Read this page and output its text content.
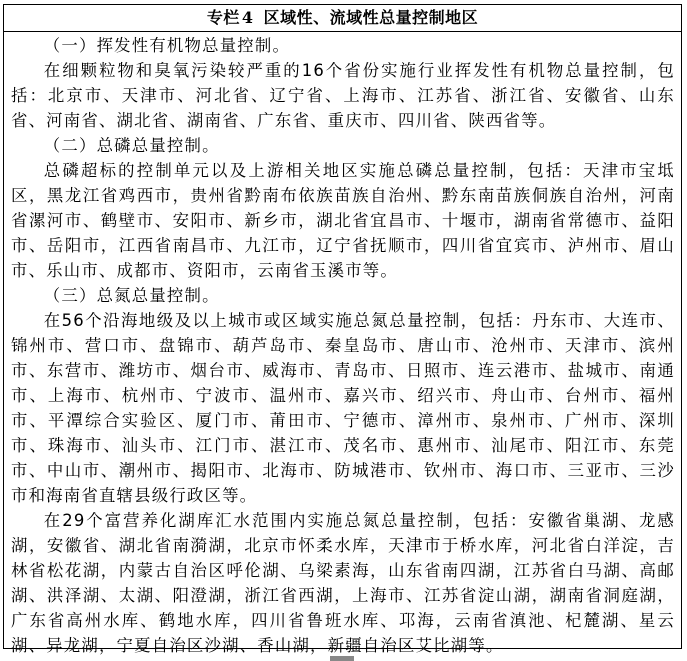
专栏 4 区域性、流域性总量控制地区

（一）挥发性有机物总量控制。

在细颗粒物和臭氧污染较严重的16个省份实施行业挥发性有机物总量控制，包括：北京市、天津市、河北省、辽宁省、上海市、江苏省、浙江省、安徽省、山东省、河南省、湖北省、湖南省、广东省、重庆市、四川省、陕西省等。

（二）总磷总量控制。

总磷超标的控制单元以及上游相关地区实施总磷总量控制，包括：天津市宝坻区，黑龙江省鸡西市，贵州省黔南布依族苗族自治州、黔东南苗族侗族自治州，河南省漯河市、鹤壁市、安阳市、新乡市，湖北省宜昌市、十堰市，湖南省常德市、益阳市、岳阳市，江西省南昌市、九江市，辽宁省抚顺市，四川省宜宾市、泸州市、眉山市、乐山市、成都市、资阳市，云南省玉溪市等。

（三）总氮总量控制。

在56个沿海地级及以上城市或区域实施总氮总量控制，包括：丹东市、大连市、锦州市、营口市、盘锦市、葫芦岛市、秦皇岛市、唐山市、沧州市、天津市、滨州市、东营市、潍坊市、烟台市、威海市、青岛市、日照市、连云港市、盐城市、南通市、上海市、杭州市、宁波市、温州市、嘉兴市、绍兴市、舟山市、台州市、福州市、平潭综合实验区、厦门市、莆田市、宁德市、漳州市、泉州市、广州市、深圳市、珠海市、汕头市、江门市、湛江市、茂名市、惠州市、汕尾市、阳江市、东莞市、中山市、潮州市、揭阳市、北海市、防城港市、钦州市、海口市、三亚市、三沙市和海南省直辖县级行政区等。

在29个富营养化湖库汇水范围内实施总氮总量控制，包括：安徽省巢湖、龙感湖，安徽省、湖北省南漪湖，北京市怀柔水库，天津市于桥水库，河北省白洋淀，吉林省松花湖，内蒙古自治区呼伦湖、乌梁素海，山东省南四湖，江苏省白马湖、高邮湖、洪泽湖、太湖、阳澄湖，浙江省西湖，上海市、江苏省淀山湖，湖南省洞庭湖，广东省高州水库、鹤地水库，四川省鲁班水库、邛海，云南省滇池、杞麓湖、星云湖、异龙湖，宁夏自治区沙湖、香山湖，新疆自治区艾比湖等。
